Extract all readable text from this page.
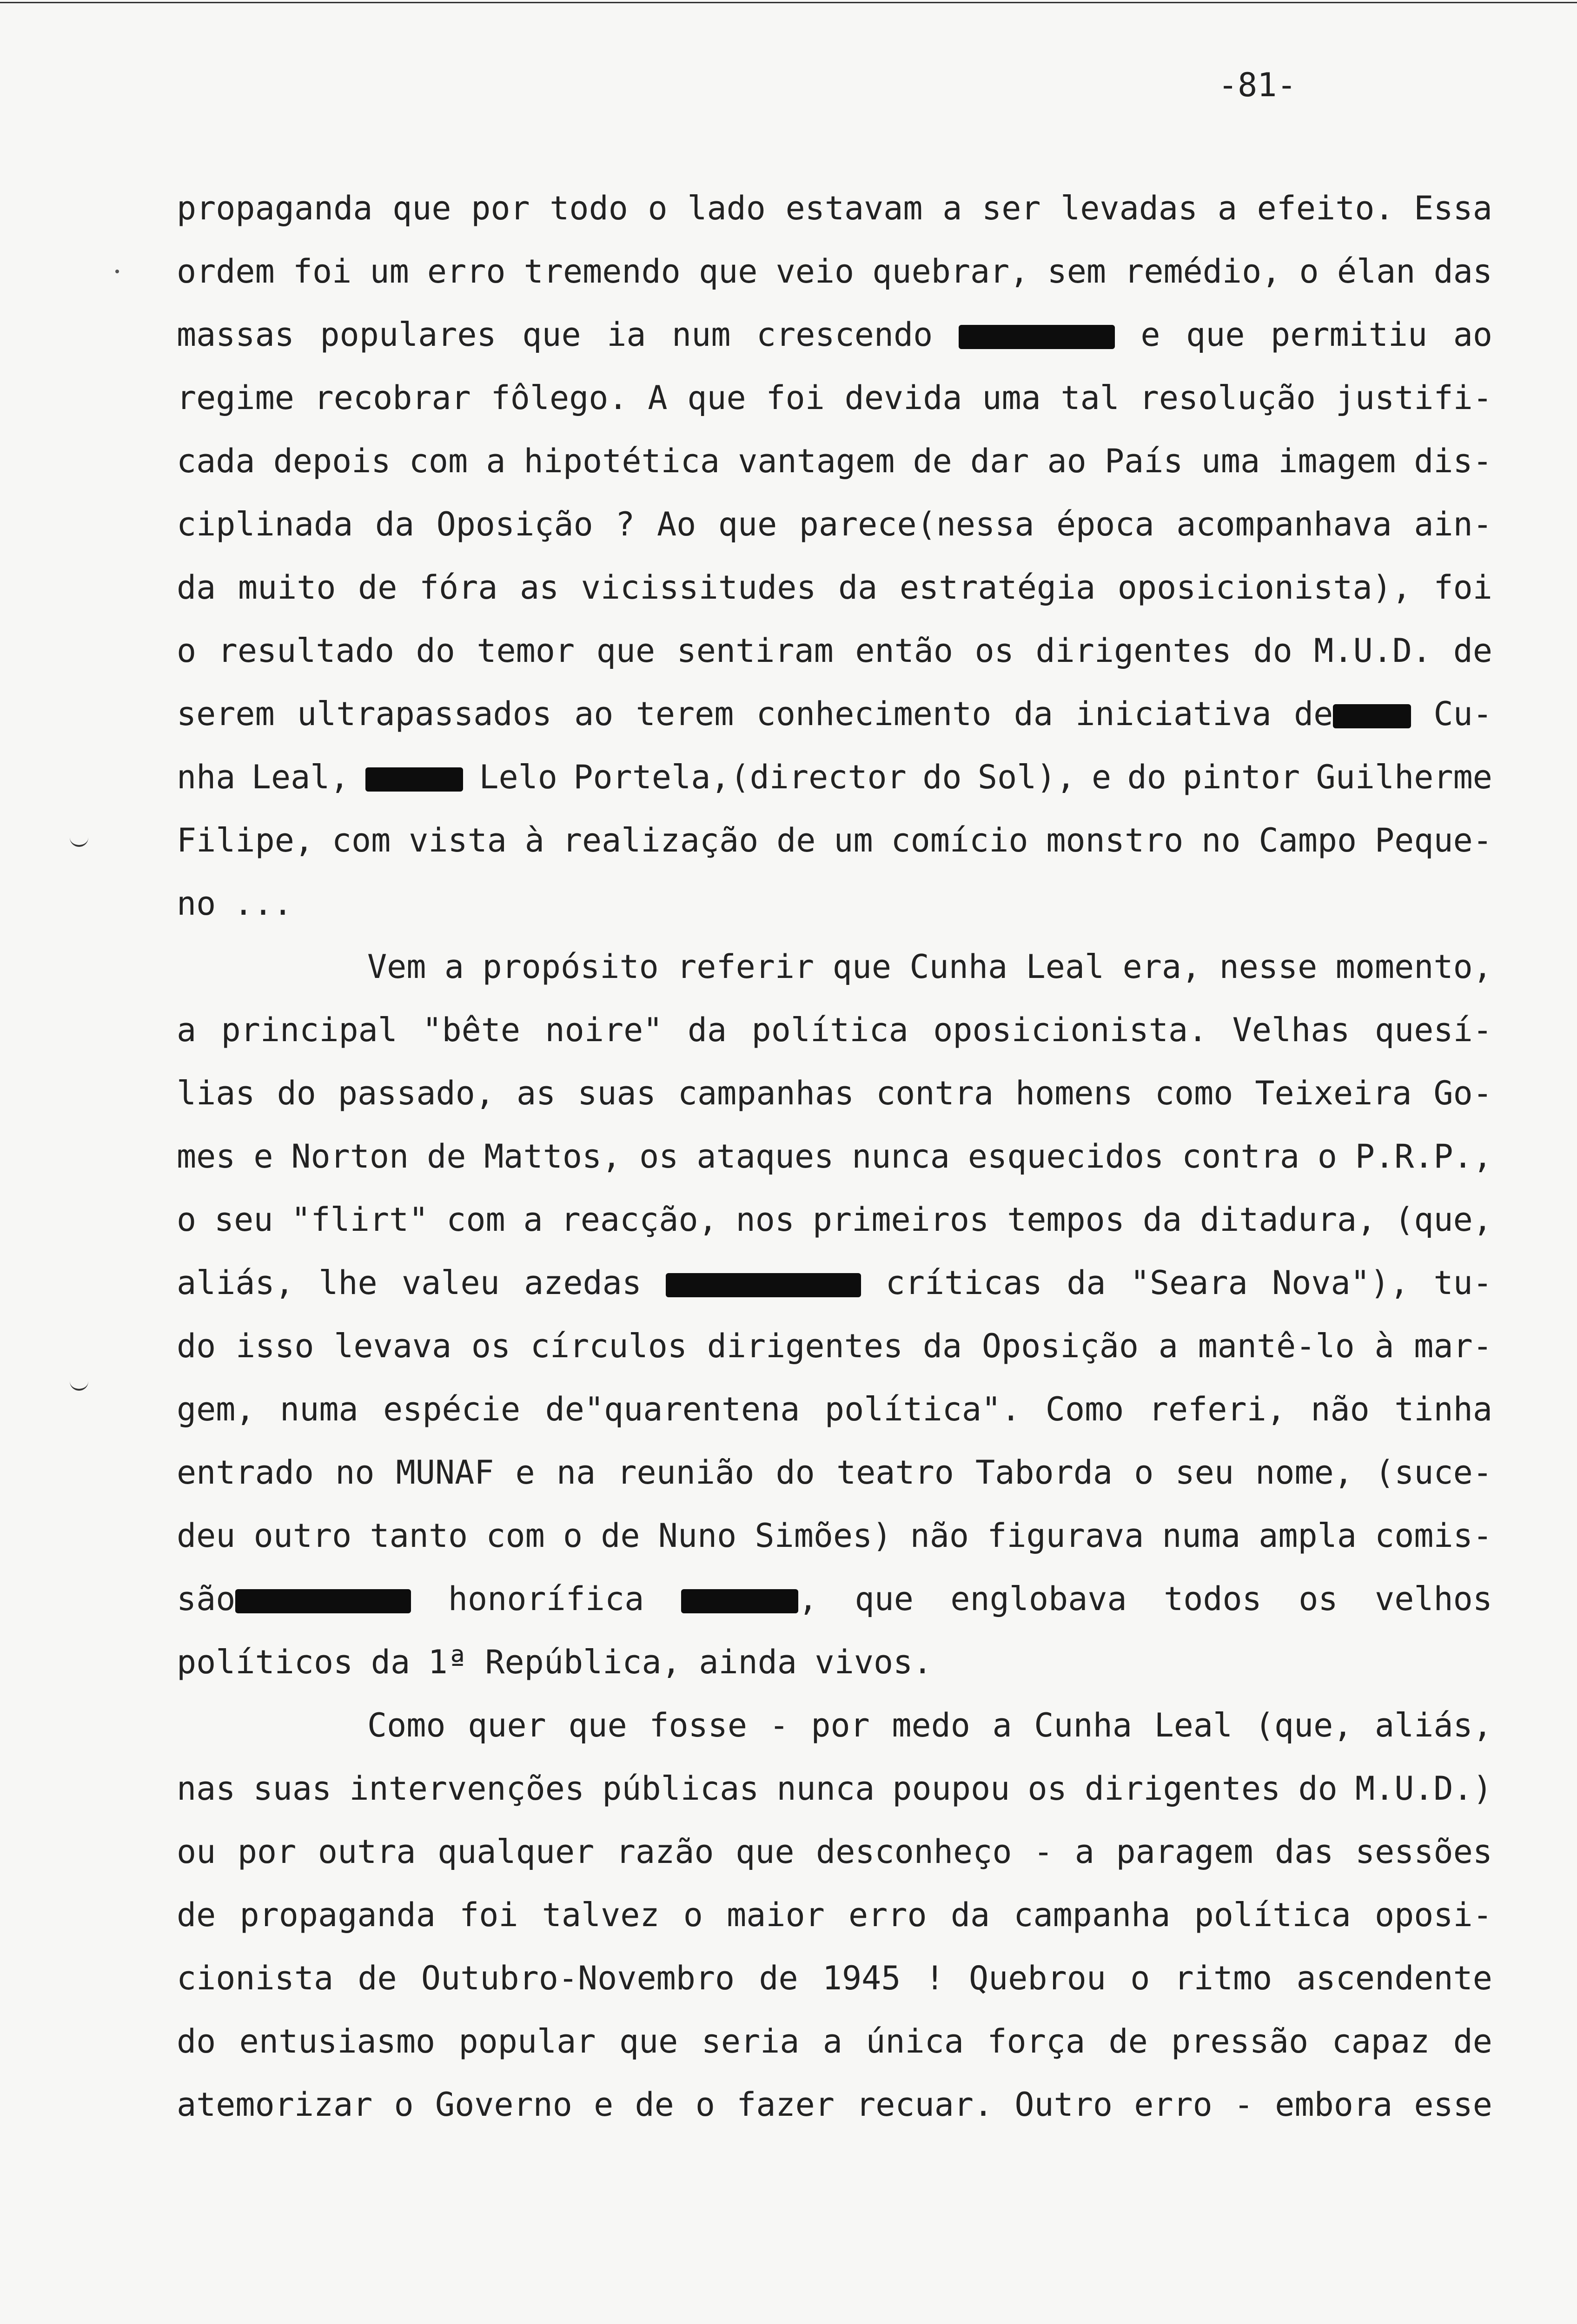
-81-
propaganda que por todo o lado estavam a ser levadas a efeito. Essa
ordem foi um erro tremendo que veio quebrar, sem remédio, o élan das
massas populares que ia num crescendo	e que permitiu ao
regime recobrar fôlego. A que foi devida uma tal resolução justifi-
cada depois com a hipotética vantagem de dar ao País uma imagem dis-
ciplinada da Oposição ? Ao que parece(nessa época acompanhava ain-
da muito de fóra as vicissitudes da estratégia oposicionista), foi
o resultado do temor que sentiram então os dirigentes do M.U.D. de
serem ultrapassados ao terem conhecimento da iniciativa de	Cu-
nha Leal,	Lelo Portela,(director do Sol), e do pintor Guilherme
Filipe, com vista à realização de um comício monstro no Campo Peque-
no ...
Vem a propósito referir que Cunha Leal era, nesse momento,
a principal "bête noire" da política oposicionista. Velhas quesí-
lias do passado, as suas campanhas contra homens como Teixeira Go-
mes e Norton de Mattos, os ataques nunca esquecidos contra o P.R.P.,
o seu "flirt" com a reacção, nos primeiros tempos da ditadura, (que,
aliás, lhe valeu azedas	críticas da "Seara Nova"), tu-
do isso levava os círculos dirigentes da Oposição a mantê-lo à mar-
gem, numa espécie de"quarentena política". Como referi, não tinha
entrado no MUNAF e na reunião do teatro Taborda o seu nome, (suce-
deu outro tanto com o de Nuno Simões) não figurava numa ampla comis-
são	honorífica	, que englobava todos os velhos
políticos da 1ª República, ainda vivos.
Como quer que fosse - por medo a Cunha Leal (que, aliás,
nas suas intervenções públicas nunca poupou os dirigentes do M.U.D.)
ou por outra qualquer razão que desconheço - a paragem das sessões
de propaganda foi talvez o maior erro da campanha política oposi-
cionista de Outubro-Novembro de 1945 ! Quebrou o ritmo ascendente
do entusiasmo popular que seria a única força de pressão capaz de
atemorizar o Governo e de o fazer recuar. Outro erro - embora esse
